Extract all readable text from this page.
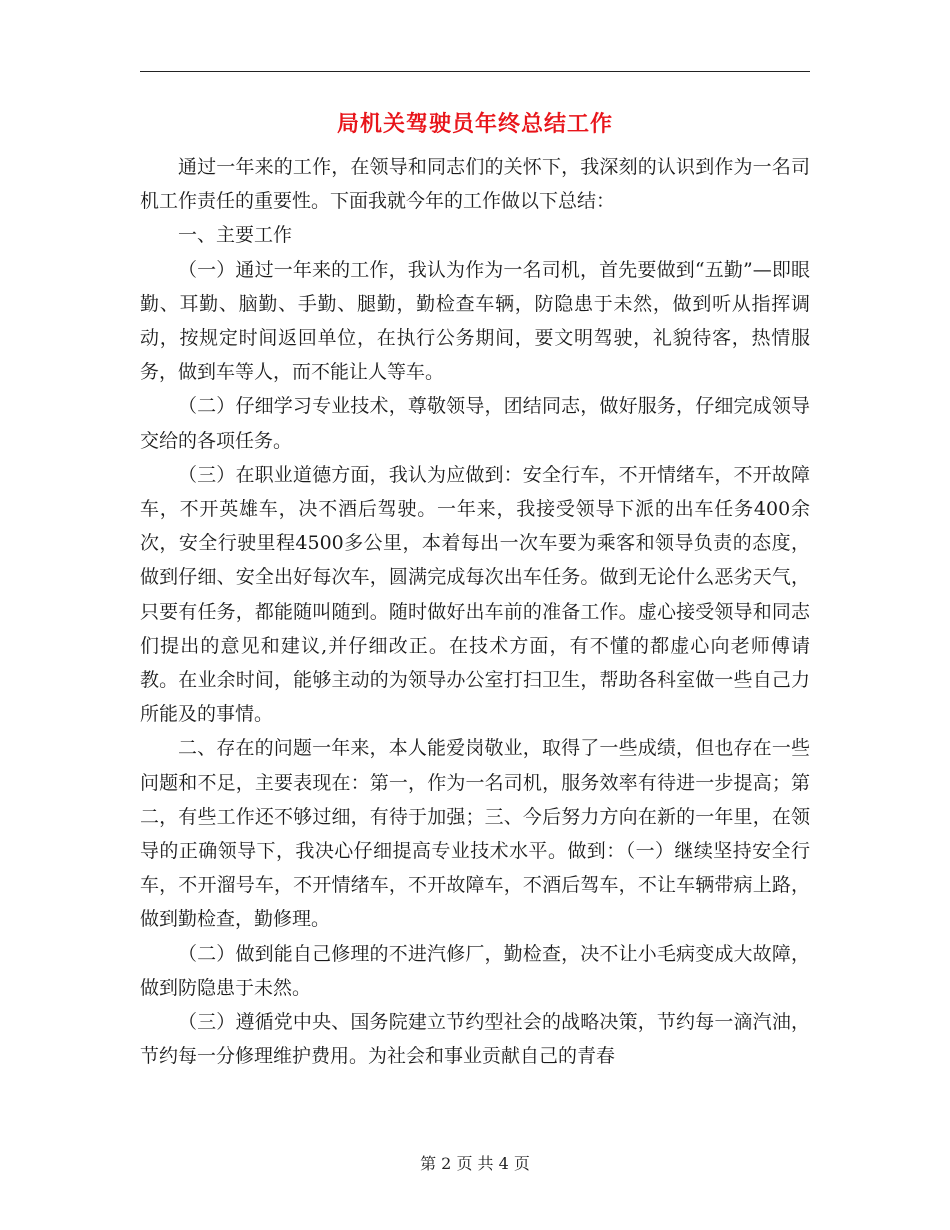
局机关驾驶员年终总结工作

通过一年来的工作，在领导和同志们的关怀下，我深刻的认识到作为一名司机工作责任的重要性。下面我就今年的工作做以下总结：

一、主要工作

（一）通过一年来的工作，我认为作为一名司机，首先要做到“五勤”—即眼勤、耳勤、脑勤、手勤、腿勤，勤检查车辆，防隐患于未然，做到听从指挥调动，按规定时间返回单位，在执行公务期间，要文明驾驶，礼貌待客，热情服务，做到车等人，而不能让人等车。

（二）仔细学习专业技术，尊敬领导，团结同志，做好服务，仔细完成领导交给的各项任务。

（三）在职业道德方面，我认为应做到：安全行车，不开情绪车，不开故障车，不开英雄车，决不酒后驾驶。一年来，我接受领导下派的出车任务400余次，安全行驶里程4500多公里，本着每出一次车要为乘客和领导负责的态度，做到仔细、安全出好每次车，圆满完成每次出车任务。做到无论什么恶劣天气，只要有任务，都能随叫随到。随时做好出车前的准备工作。虚心接受领导和同志们提出的意见和建议,并仔细改正。在技术方面，有不懂的都虚心向老师傅请教。在业余时间，能够主动的为领导办公室打扫卫生，帮助各科室做一些自己力所能及的事情。

二、存在的问题一年来，本人能爱岗敬业，取得了一些成绩，但也存在一些问题和不足，主要表现在：第一，作为一名司机，服务效率有待进一步提高；第二，有些工作还不够过细，有待于加强；三、今后努力方向在新的一年里，在领导的正确领导下，我决心仔细提高专业技术水平。做到：（一）继续坚持安全行车，不开溜号车，不开情绪车，不开故障车，不酒后驾车，不让车辆带病上路，做到勤检查，勤修理。

（二）做到能自己修理的不进汽修厂，勤检查，决不让小毛病变成大故障，做到防隐患于未然。

（三）遵循党中央、国务院建立节约型社会的战略决策，节约每一滴汽油，节约每一分修理维护费用。为社会和事业贡献自己的青春

第 2 页 共 4 页
